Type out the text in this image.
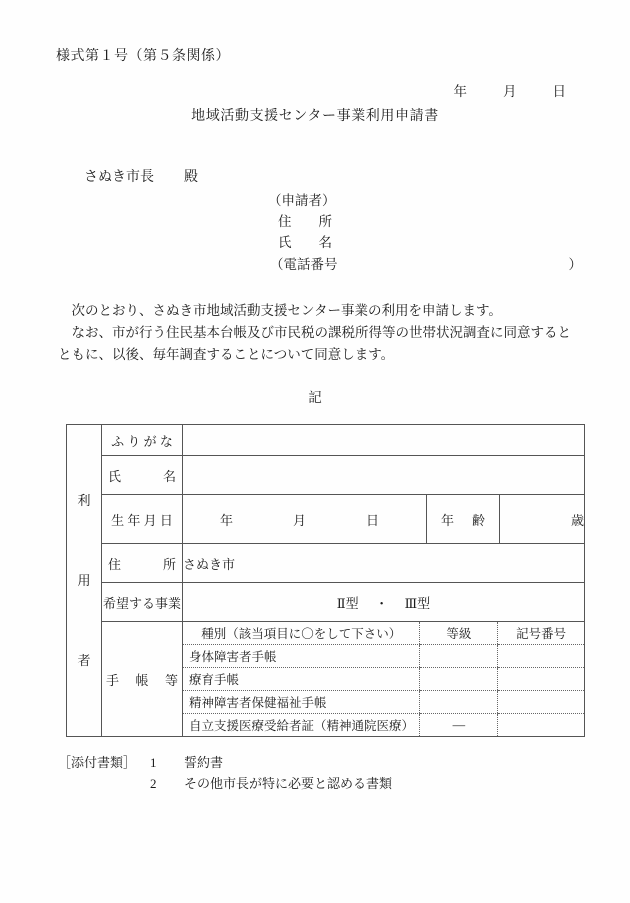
様式第１号（第５条関係）

年	月	日

地域活動支援センター事業利用申請書

さぬき市長 殿

（申請者）
住　　所
氏　　名
）
（電話番号

次のとおり、さぬき市地域活動支援センター事業の利用を申請します。

なお、市が行う住民基本台帳及び市民税の課税所得等の世帯状況調査に同意するとともに、以後、毎年調査することについて同意します。

記
利
用
者
	ふ り が な	

氏	名

生 年 月 日	年	月	日	年 齢	歳

住	所	さぬき市
希望する事業	Ⅱ型 ・ Ⅲ型

手 帳 等

種別（該当項目に〇をして下さい）	等級	記号番号
身体障害者手帳		
療育手帳		
精神障害者保健福祉手帳		
自立支援医療受給者証（精神通院医療）	―	
［添付書類］ 1 誓約書
2 その他市長が特に必要と認める書類
